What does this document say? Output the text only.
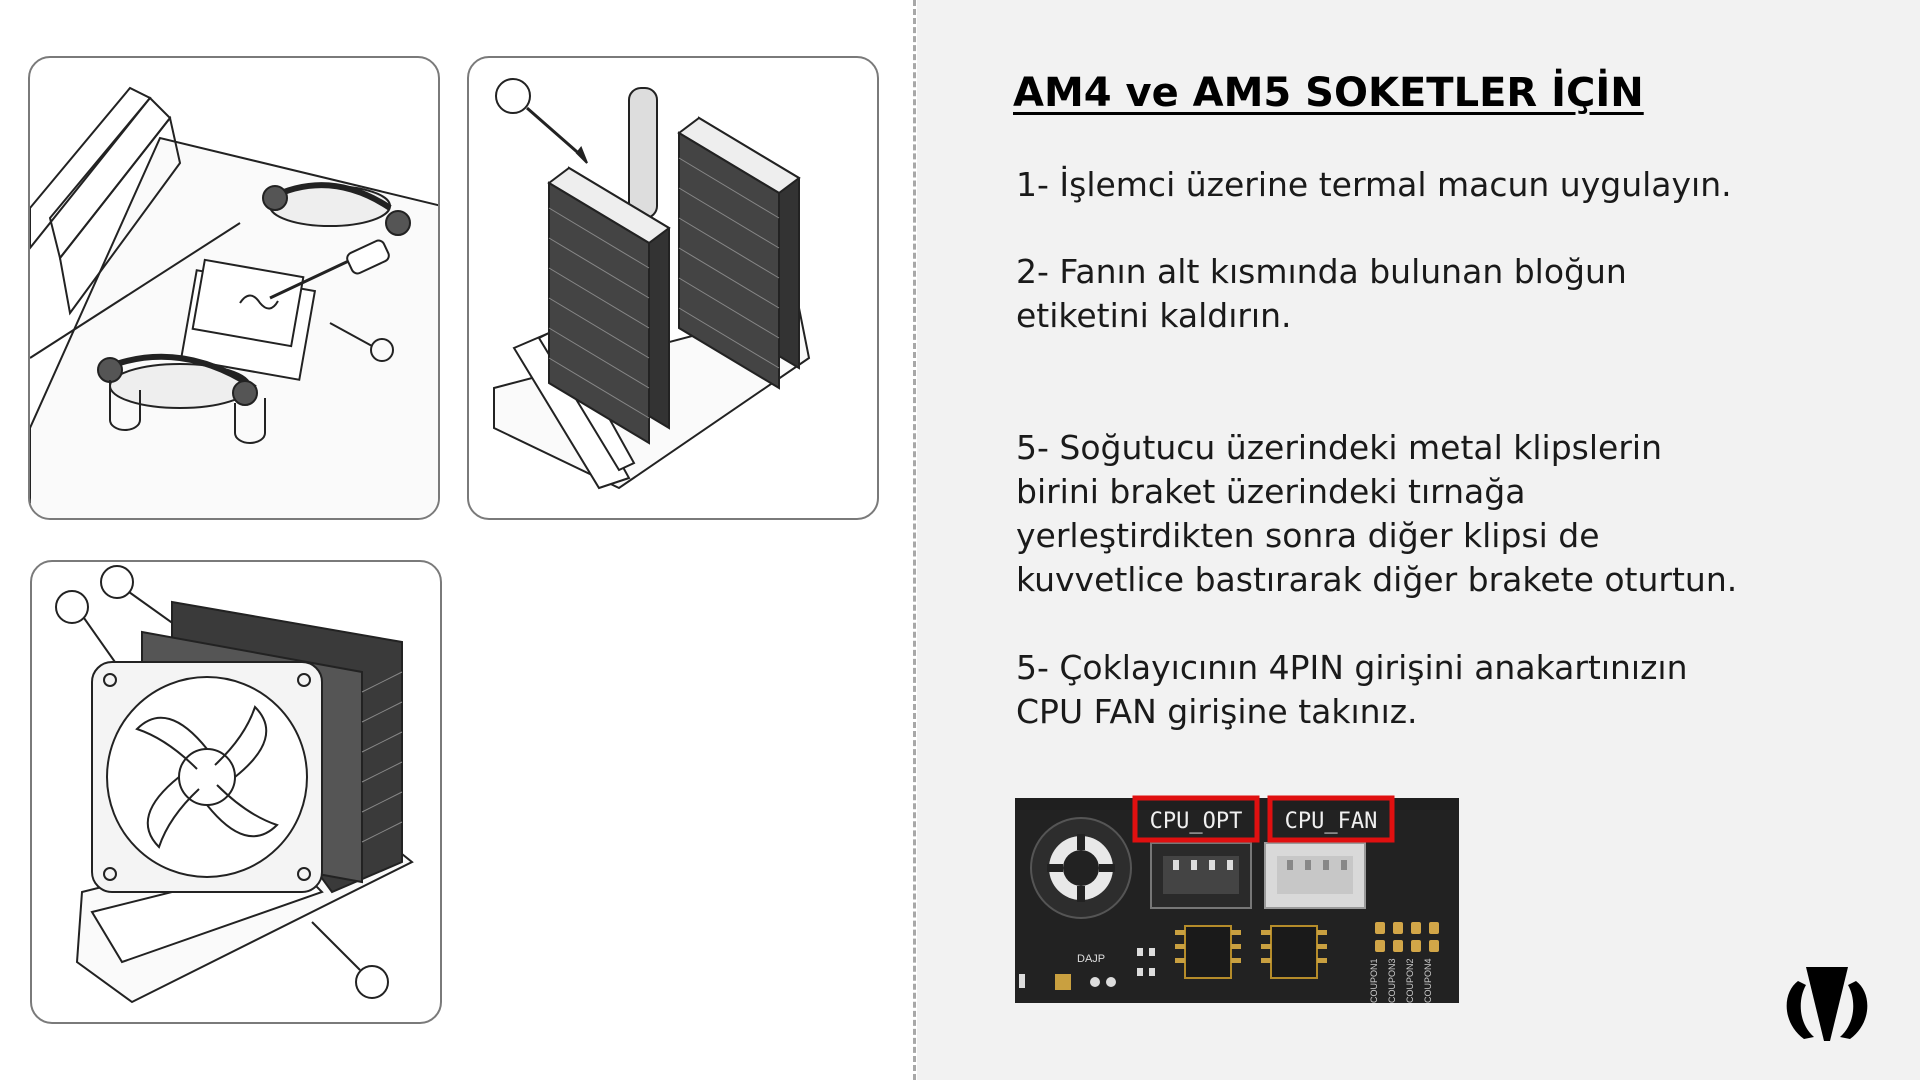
AM4 ve AM5 SOKETLER İÇİN

1- İşlemci üzerine termal macun uygulayın.

2- Fanın alt kısmında bulunan bloğun
etiketini kaldırın.

5- Soğutucu üzerindeki metal klipslerin
birini braket üzerindeki tırnağa
yerleştirdikten sonra diğer klipsi de
kuvvetlice bastırarak diğer brakete oturtun.

5- Çoklayıcının 4PIN girişini anakartınızın
CPU FAN girişine takınız.

DAJP	COUPON1 COUPON3 COUPON2 COUPON4
CPU_OPT CPU_FAN
